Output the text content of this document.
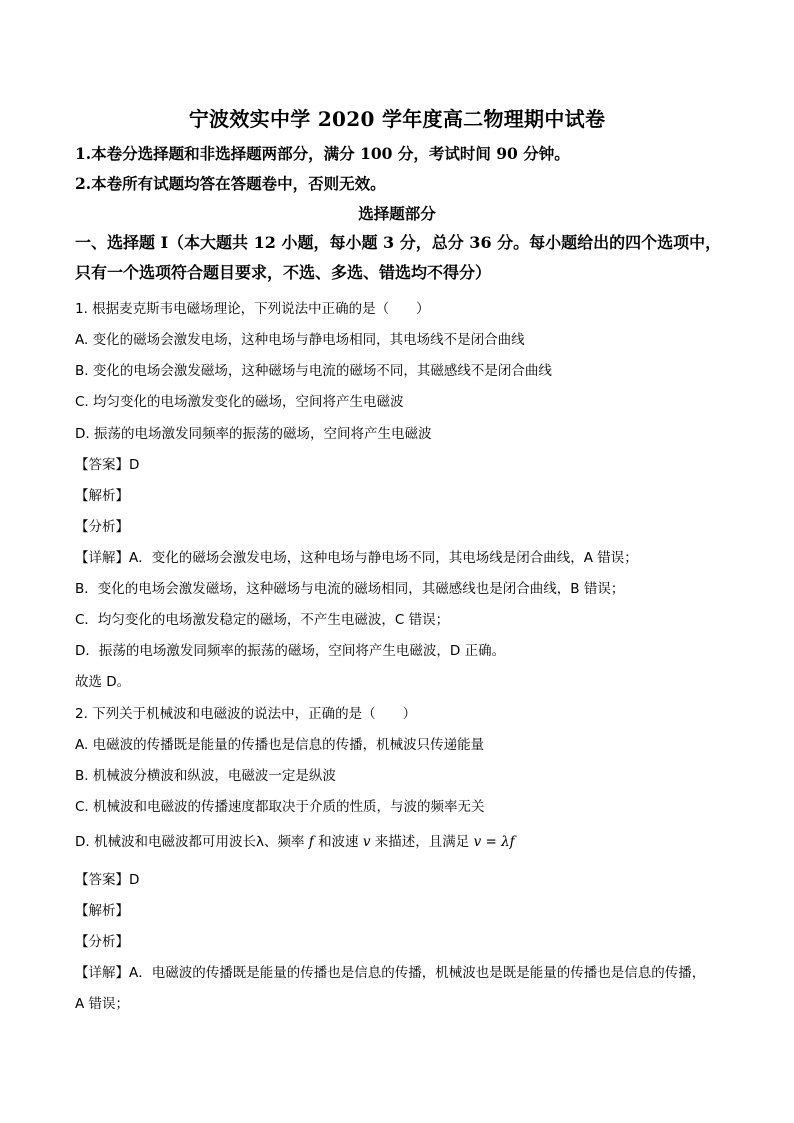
宁波效实中学 2020 学年度高二物理期中试卷
1.本卷分选择题和非选择题两部分，满分 100 分，考试时间 90 分钟。
2.本卷所有试题均答在答题卷中，否则无效。
选择题部分
一、选择题 I（本大题共 12 小题，每小题 3 分，总分 36 分。每小题给出的四个选项中，只有一个选项符合题目要求，不选、多选、错选均不得分）
1. 根据麦克斯韦电磁场理论，下列说法中正确的是（　　）
A. 变化的磁场会激发电场，这种电场与静电场相同，其电场线不是闭合曲线
B. 变化的电场会激发磁场，这种磁场与电流的磁场不同，其磁感线不是闭合曲线
C. 均匀变化的电场激发变化的磁场，空间将产生电磁波
D. 振荡的电场激发同频率的振荡的磁场，空间将产生电磁波
【答案】D
【解析】
【分析】
【详解】A．变化的磁场会激发电场，这种电场与静电场不同，其电场线是闭合曲线，A 错误；
B．变化的电场会激发磁场，这种磁场与电流的磁场相同，其磁感线也是闭合曲线，B 错误；
C．均匀变化的电场激发稳定的磁场，不产生电磁波，C 错误；
D．振荡的电场激发同频率的振荡的磁场，空间将产生电磁波，D 正确。
故选 D。
2. 下列关于机械波和电磁波的说法中，正确的是（　　）
A. 电磁波的传播既是能量的传播也是信息的传播，机械波只传递能量
B. 机械波分横波和纵波，电磁波一定是纵波
C. 机械波和电磁波的传播速度都取决于介质的性质，与波的频率无关
D. 机械波和电磁波都可用波长λ、频率 f 和波速 v 来描述，且满足 v = λf
【答案】D
【解析】
【分析】
【详解】A．电磁波的传播既是能量的传播也是信息的传播，机械波也是既是能量的传播也是信息的传播，
A 错误；
